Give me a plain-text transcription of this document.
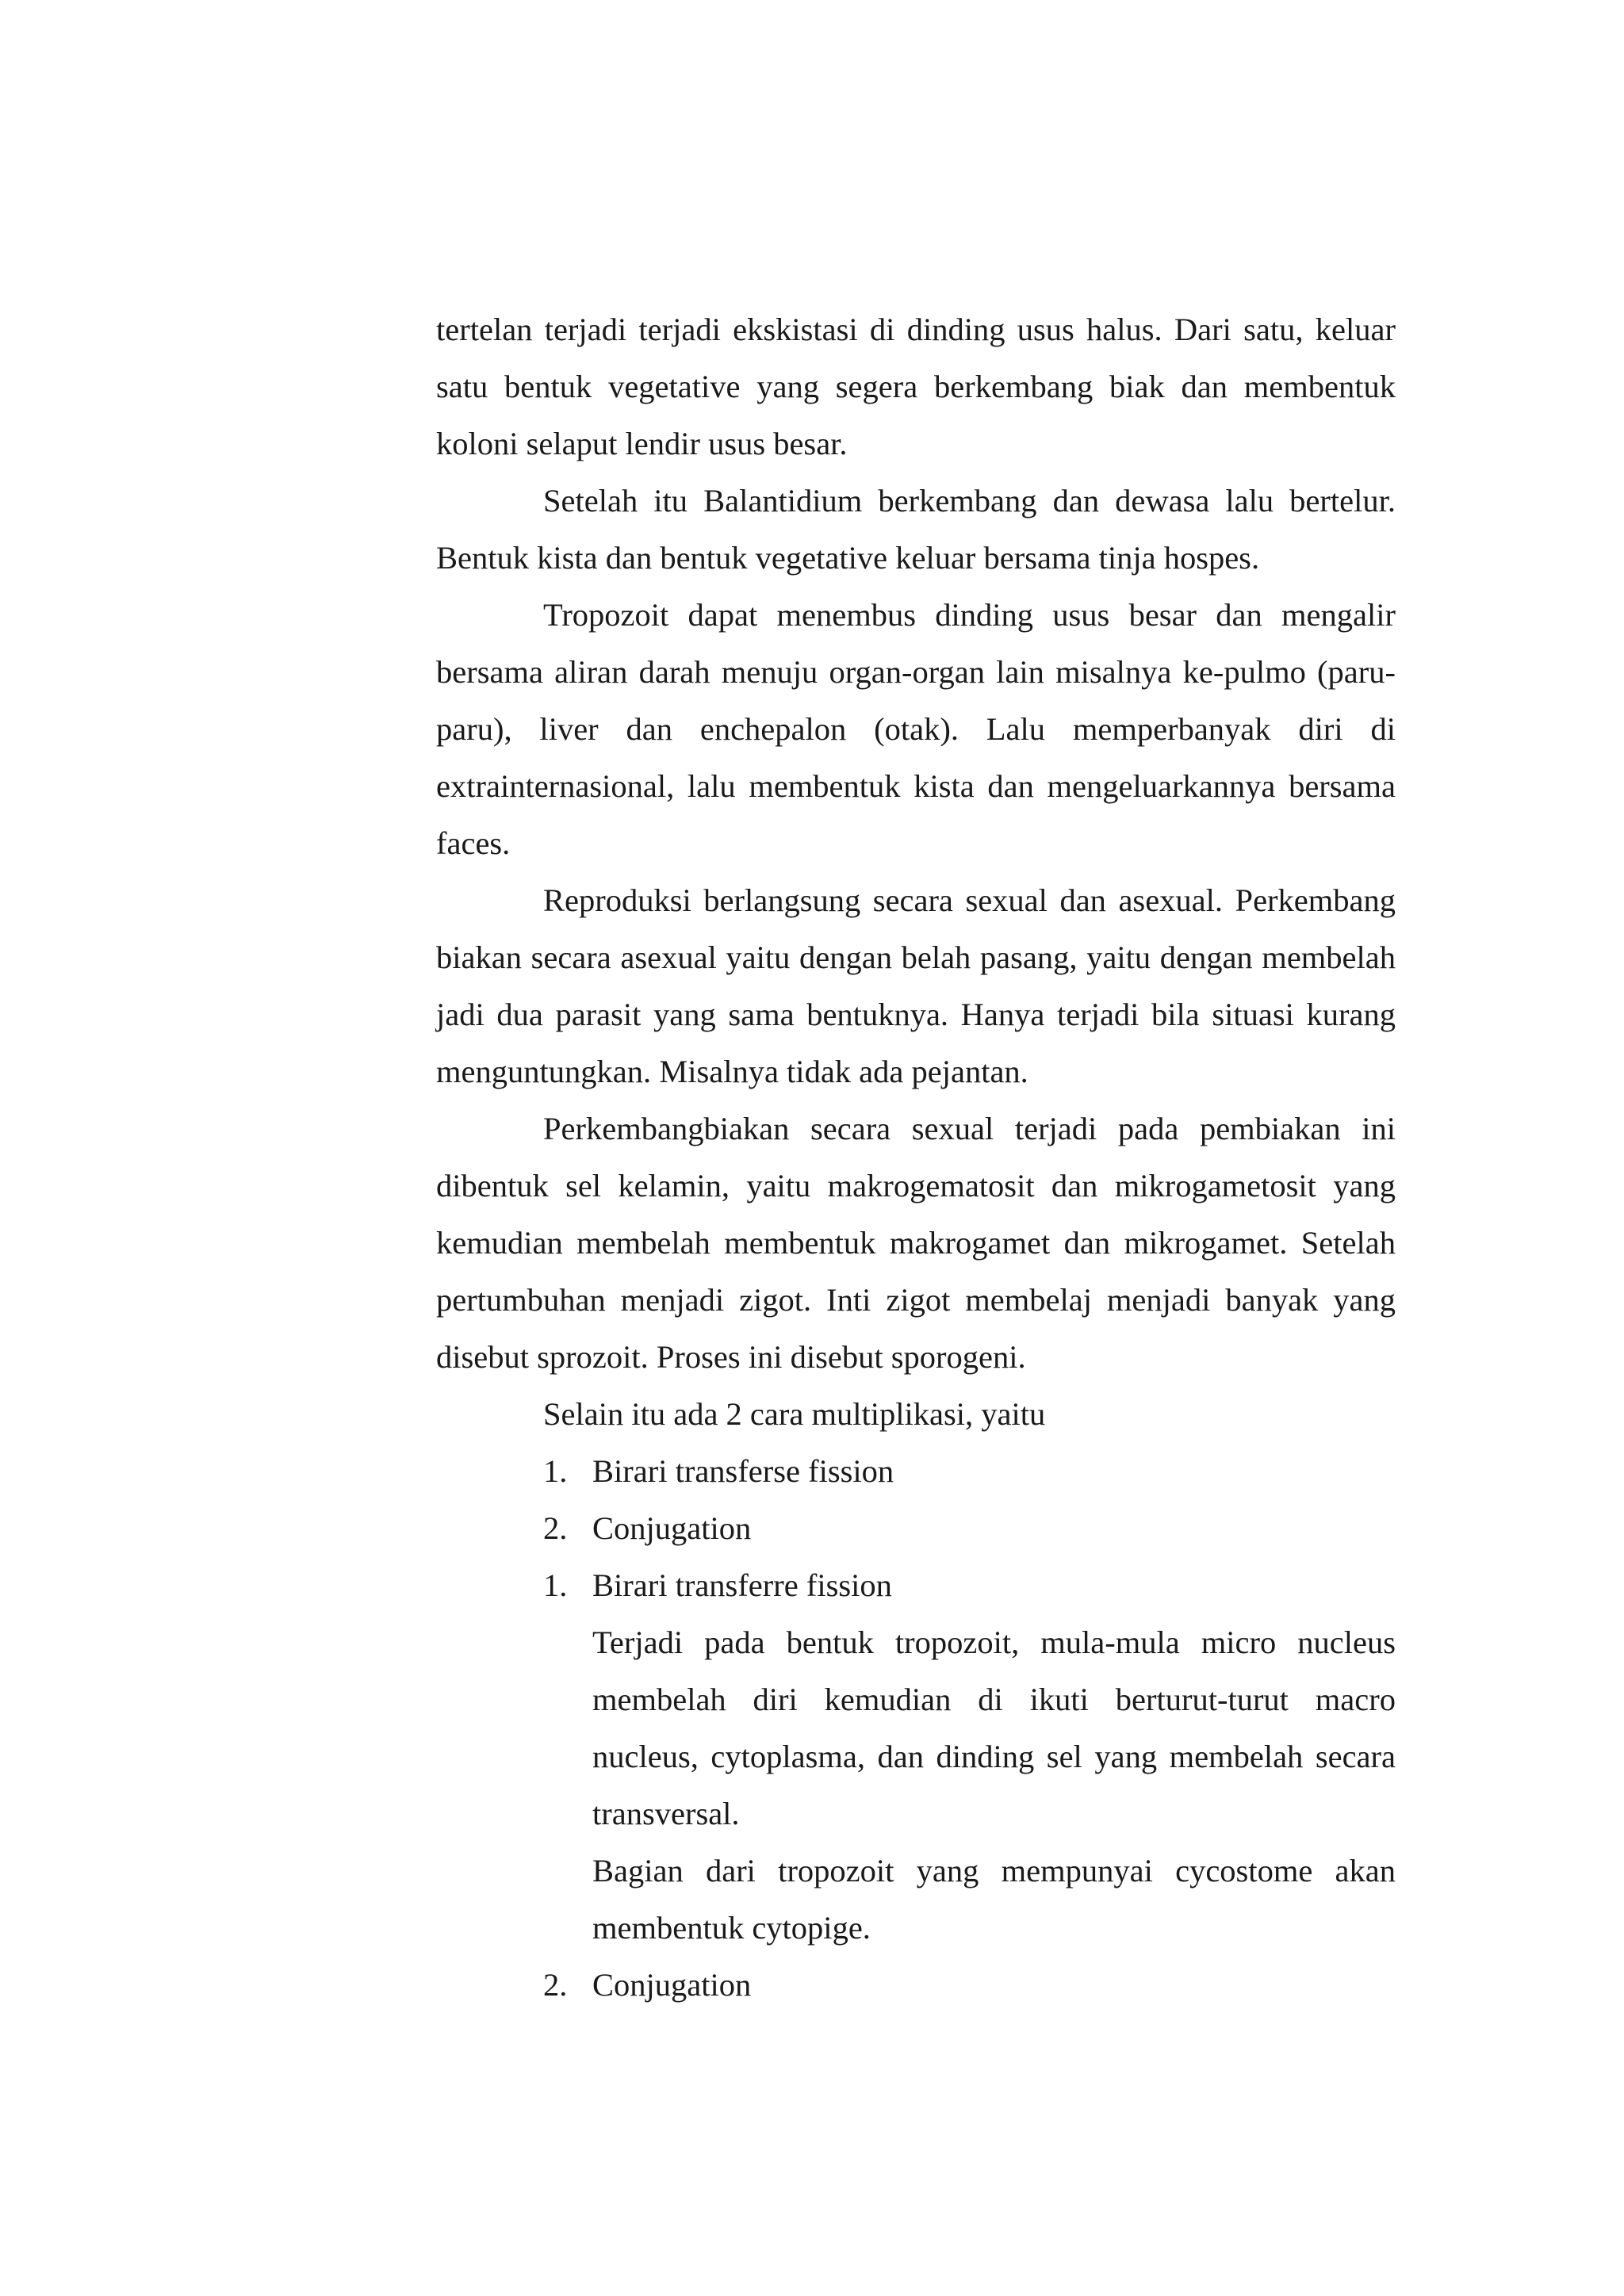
tertelan terjadi terjadi ekskistasi di dinding usus halus. Dari satu, keluar satu bentuk vegetative yang segera berkembang biak dan membentuk koloni selaput lendir usus besar.

Setelah itu Balantidium berkembang dan dewasa lalu bertelur. Bentuk kista dan bentuk vegetative keluar bersama tinja hospes.

Tropozoit dapat menembus dinding usus besar dan mengalir bersama aliran darah menuju organ-organ lain misalnya ke-pulmo (paru-paru), liver dan enchepalon (otak). Lalu memperbanyak diri di extrainternasional, lalu membentuk kista dan mengeluarkannya bersama faces.

Reproduksi berlangsung secara sexual dan asexual. Perkembang biakan secara asexual yaitu dengan belah pasang, yaitu dengan membelah jadi dua parasit yang sama bentuknya. Hanya terjadi bila situasi kurang menguntungkan. Misalnya tidak ada pejantan.

Perkembangbiakan secara sexual terjadi pada pembiakan ini dibentuk sel kelamin, yaitu makrogematosit dan mikrogametosit yang kemudian membelah membentuk makrogamet dan mikrogamet. Setelah pertumbuhan menjadi zigot. Inti zigot membelaj menjadi banyak yang disebut sprozoit. Proses ini disebut sporogeni.

Selain itu ada 2 cara multiplikasi, yaitu

1. Birari transferse fission
2. Conjugation
1. Birari transferre fission

Terjadi pada bentuk tropozoit, mula-mula micro nucleus membelah diri kemudian di ikuti berturut-turut macro nucleus, cytoplasma, dan dinding sel yang membelah secara transversal.

Bagian dari tropozoit yang mempunyai cycostome akan membentuk cytopige.

2. Conjugation
